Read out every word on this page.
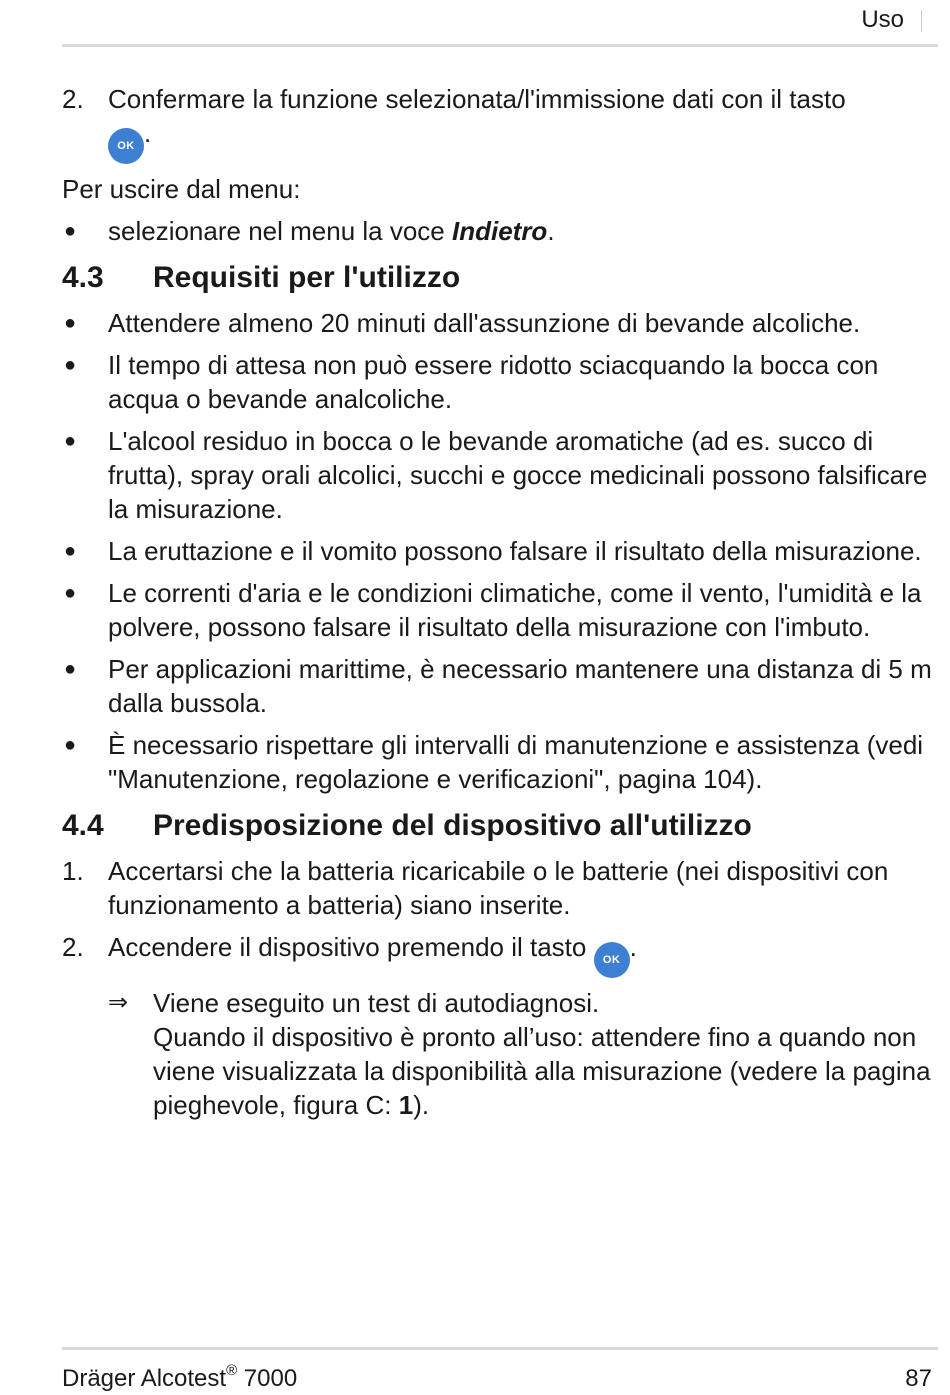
Uso
2. Confermare la funzione selezionata/l'immissione dati con il tasto
OK .
Per uscire dal menu:
● selezionare nel menu la voce Indietro.
4.3 Requisiti per l'utilizzo
● Attendere almeno 20 minuti dall'assunzione di bevande alcoliche.
● Il tempo di attesa non può essere ridotto sciacquando la bocca con acqua o bevande analcoliche.
● L'alcool residuo in bocca o le bevande aromatiche (ad es. succo di frutta), spray orali alcolici, succhi e gocce medicinali possono falsificare la misurazione.
● La eruttazione e il vomito possono falsare il risultato della misurazione.
● Le correnti d'aria e le condizioni climatiche, come il vento, l'umidità e la polvere, possono falsare il risultato della misurazione con l'imbuto.
● Per applicazioni marittime, è necessario mantenere una distanza di 5 m dalla bussola.
● È necessario rispettare gli intervalli di manutenzione e assistenza (vedi "Manutenzione, regolazione e verificazioni", pagina 104).
4.4 Predisposizione del dispositivo all'utilizzo
1. Accertarsi che la batteria ricaricabile o le batterie (nei dispositivi con funzionamento a batteria) siano inserite.
2. Accendere il dispositivo premendo il tasto OK .
⇒ Viene eseguito un test di autodiagnosi.
Quando il dispositivo è pronto all’uso: attendere fino a quando non viene visualizzata la disponibilità alla misurazione (vedere la pagina pieghevole, figura C: 1).
Dräger Alcotest® 7000	87
